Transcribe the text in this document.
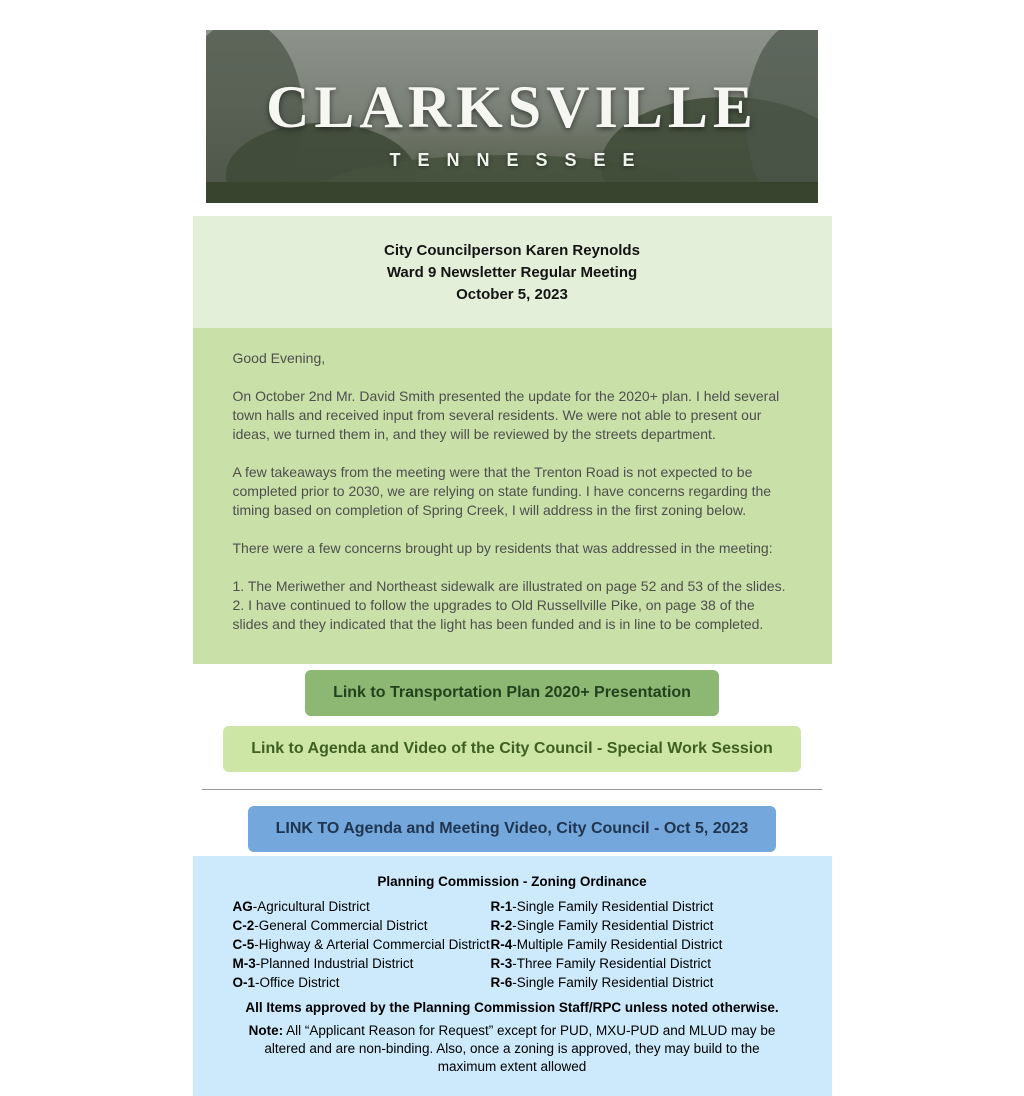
CLARKSVILLE
TENNESSEE
City Councilperson Karen Reynolds
Ward 9 Newsletter Regular Meeting
October 5, 2023

Good Evening,

On October 2nd Mr. David Smith presented the update for the 2020+ plan. I held several town halls and received input from several residents. We were not able to present our ideas, we turned them in, and they will be reviewed by the streets department.

A few takeaways from the meeting were that the Trenton Road is not expected to be completed prior to 2030, we are relying on state funding. I have concerns regarding the timing based on completion of Spring Creek, I will address in the first zoning below.

There were a few concerns brought up by residents that was addressed in the meeting:

1. The Meriwether and Northeast sidewalk are illustrated on page 52 and 53 of the slides.

2. I have continued to follow the upgrades to Old Russellville Pike, on page 38 of the slides and they indicated that the light has been funded and is in line to be completed.

Link to Transportation Plan 2020+ Presentation
Link to Agenda and Video of the City Council - Special Work Session
LINK TO Agenda and Meeting Video, City Council - Oct 5, 2023
Planning Commission - Zoning Ordinance
AG-Agricultural District	R-1-Single Family Residential District
C-2-General Commercial District	R-2-Single Family Residential District
C-5-Highway & Arterial Commercial District R-4-Multiple Family Residential District
M-3-Planned Industrial District	R-3-Three Family Residential District
O-1-Office District	R-6-Single Family Residential District
All Items approved by the Planning Commission Staff/RPC unless noted otherwise.
Note: All “Applicant Reason for Request” except for PUD, MXU-PUD and MLUD may be altered and are non-binding. Also, once a zoning is approved, they may build to the maximum extent allowed
